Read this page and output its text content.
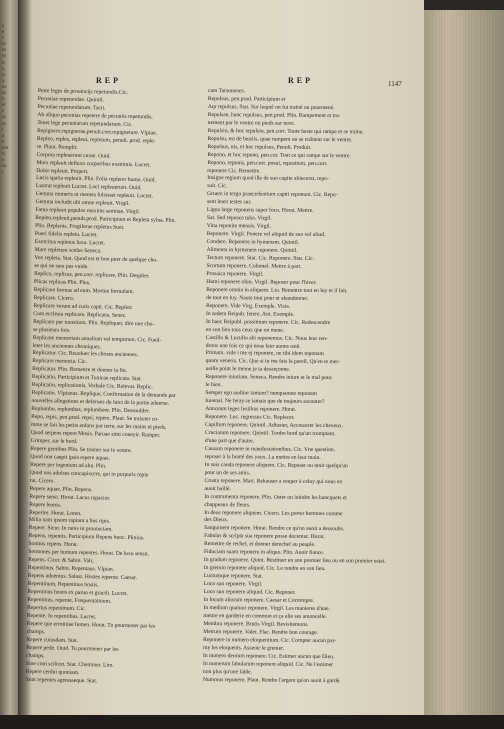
a
e
s
tu
m
re
n
o
is
a
us
ur
n
et
s
ta
re
i
a
o
um
ri
e
us
t
REP	REP	1147
Petre leges de prouincijs repetundis.Cic.
Pecuniae repetundae. Quintil.
Pecuniae repetundarum. Tacit.
Ab aliquo pecunias repetere de pecuniis repetundis.
Tenet lege pecuniarum repetundarum. Cic.
Repignero,repignerae,penult.corr.repignerare. Vlpian.
Repleo, reples, repleui, repletum, penult. prod. reple-
re. Plaut. Remplir.
Corpora repleuerunt curae. Ouid.
Mors repleuit defluxo corporibus exanimis. Lucret.
Dolor repleuit. Propert.
Lucis spatia repleuit. Plin. Folia replerer humo. Ouid.
Lustrat repleuit Lucret. Loci repleuerunt. Ouid.
Gemma numeris ut mentes fulsisset repleuit. Lucret.
Gemma includit ubi omne repleuit. Virgil.
Fama repleuit populos maxims semitae. Virgil.
Repleo,repleuit,penult.prod. Participium et Repleta sylua. Plin.
Plin. Replenis. Frugiferae repletus Suet.
Pueri fidelis repletu. Lucret.
Exercitus repletus luxu. Lucret.
Mare repletum scelus Seneca.
Vox repleta. Stat. Quod est et bon puer de quelque cho-
se qui ne sera pas vuide.
Replico, replicas, pen.corr. replicare. Plin. Desplier.
Plicas replicas Plin. Plus.
Replicare formas ad eum. Mortue formulam.
Replicare. Cicero.
Replicare verum ad curis capit. Cic. Replier.
Cum ecclesia replicare. Replicans. Senec.
Replicare per transitum. Plin. Repliquer, dire une cho-
se plusieurs fois.
Replicare memoriam annalium vel temporum. Cic. Fueil-
leter les anciennes chroniques.
Replicatur. Cic. Reuoluer les choses anciennes.
Replicare memoria. Cic.
Replicatur. Plin. Remettre et donner la fin.
Replicatio, Participium et Tunicae replicata. Stat.
Replicatio, replicationis, Verbale Cic. Relevat. Replic.
Replicatio. Vlpianus. Replique, Confirmation de la demande par
nouvelles allegations et defenses du faict de la partie aduerse.
Replumbo, replumbas, replumbare. Plin. Dessoulder.
Repo, repis, pen.prod. repsi, repere. Plaut. Se traisner co-
mme se fait les petits enfans par terre, sur les mains et pieds.
Quod serpens repere Mosis. Paruae simi coneyir. Ramper.
Grimper, sur le bord.
Repere gentibus Plin. Se trainer sur le ventre.
Quod non caepit ipsis repere aquas.
Repere per ingenium ad alta. Plin.
Quod nos adulses concupiscere, qui in purpuris repie
rat. Cicero.
Repere aquae. Plin. Repens.
Repere sensi. Horat. Lacus rapacior.
Repere leonis.
Reperire. Horat. Loren.
Milia nam ipsum rapiunt a bus ripis.
Repere. Sicut. In ranis in prouinciam.
Repens, repentis, Participium Repens hunc. Plinius.
Sonitus repens. Horat.
Sermones per humum repentes. Horat. De luxu sensit.
Repens. Cicer. & Sabin. Valc.
Repentinus. Sabin. Repentaus. Vlpian.
Repens aduentus. Salust. Hostes repente. Caesar.
Repentinum, Repentinus hostis.
Repentinus hostis ex paruo et gracili. Lucret.
Repentinus, repente, Frequentatiuum.
Repertus repentinum. Cic.
Repente. In repentibus. Lucret.
Repere que errotitiae lumen. Horat. Tu pourmener par les
champs.
Repere cuiusdam. Stat.
Repere pede. Ouid. Tu pourmener par les
champs.
Sine coni scilicet. Stat. Cheminer. Lire.
Repere cerdui quoniam.
Sunt repentes agressaeque. Stat.
cam Tarsonenes.
Repulsus, pen.prod. Participium et
Aqr repulsus. Stat. Sur lequel on fut trainé ou pourmené.
Repulsae, hanc repulsus, pen.prod. Plin. Rampement et tra-
nement par le ventre ou pieds sur terre.
Repulsio, & hoc repulsio, pen.corr. Toute beste qui rampe et se traine.
Repulsu, est de bestiis, quae rampent ou se traînent sur le ventre.
Repulsus, nis, et hoc repulsus, Penult. Produit.
Repono, et hoc repono, pen.cor. Tout ce qui rampe sur le ventre.
Repono, reponis, pen.corr. posui, repositum, pen.corr.
reponere Cic. Remettre.
Insigne regium quod ille de suo capite abiecerat, repo-
suit. Cic.
Gruem in tergo praecedentium capiti reponunt. Cic. Repo-
sent leurs testes sur.
Ligna large reponens super foco. Horat. Mettre.
Sat. Sed reposce tuba. Virgil.
Vina reponite mensis. Virgil.
Reponere. Virgil. Ponere vel aliquid de suo vel aliud.
Condere. Reponere in hymenem. Quintil.
Alimenta in hymenem reponere. Quintil.
Tectum reponere. Stat. Cic. Reponere. Stat. Cic.
Scortum reponere. Columel. Mettre à part.
Prosaica reponere. Virgil.
Humi reponere olim. Virgil. Reposer pour l'hiver.
Reponere omnia in aliquem. Liu. Remettre tout en luy et il fait.
de tout en luy. Naute tout pour et abandonner.
Reponere. Vide Virg. Exemple. Visia.
In sedem Reipub. fetere. Ant. Exemple.
In haec Reipubl. possimum reponere. Cic. Redescendre
en son lieu tous ceux que on mene.
Castillo & Lucullo abi reponemus. Cic. Nous leur ren-
drons une fois ce qui nous leur auons osté.
Primam. vide i me ej reponere, ne tibi idem reponam
quum veneris. Cic. Que si tu me fais la pareil, Qu'en te mer-
ueille point le meme je ta desarçonne.
Reponere iniuriam. Seneca. Rendre iniure et le mal pour.
le bien.
Semper ego auditor tantum? nunquamne reponam
Iuuenal. Ne feray-ie iamais que de toujours escouter?
Annorum leges festibus reponere. Horat.
Reponere. Luc. regressus Cic. Replacer.
Capillum reponere. Quintil. Adiuster, Accoustrer les cheveux.
Cruciatum reponere. Quintil. Tordre bord qu'un tromptant.
d'une part que d'autre.
Causam reponere in manifestationibus. Cic. Vne question.
reposer à la bonté des yeux. La mettre en leur main.
In suis cauda reponere aliquem. Cic. Reposer ou tenir quelqu'un
pour un de ses amis.
Crusta reponere. Mart. Rehauser a souper à celuy qui nous en
auoit baillé.
In contramenta reponere. Plin. Oster ou ioindre les bancquets et
chappeaux de fleurs.
In deos reponere aliquem. Cicero. Les porter hommes comme
des Dieux.
Sanguinem reponere. Horat. Rendre ce qu'on auoit a dessoubs.
Fabulas & scripta sua reponere posse docemur. Horat.
Remettre de rechef, et donner derechef au peuple.
Fiduciam suam reponere in aliquo. Plin. Auoir fiance.
In gradum reponere. Quint. Restituer en son premier lieu ou en son premier estat.
In gremio reponere aliquid. Cic. Le rendre en son lieu.
Luctumque reponere. Stat.
Loco suo reponere. Virgil.
Loco suo reponere aliquid. Cic. Reponer.
In locum aliorum reponere. Caesar et Corrompre.
In medium quatuor reponere. Virgil. Les manieres d'une.
mettre en garderie en commun et ça elle ses amoncelle.
Membra reponere. Brutis Virgil. Revisitemons.
Metrum reponere. Valer. Flac. Rendre bon courage.
Reponere in numero eloquentium. Cic. Compter aucun par-
my les eloquents. Asseoir le grenier.
In numero deorum reponere. Cic. Estimer aucun que Dieu.
In numerum fabularum reponere aliquid. Cic. Ne l'estimer
non plus qu'une fable.
Nummus reponere. Plaut. Rendre l'argent qu'on auoit à gardé.
